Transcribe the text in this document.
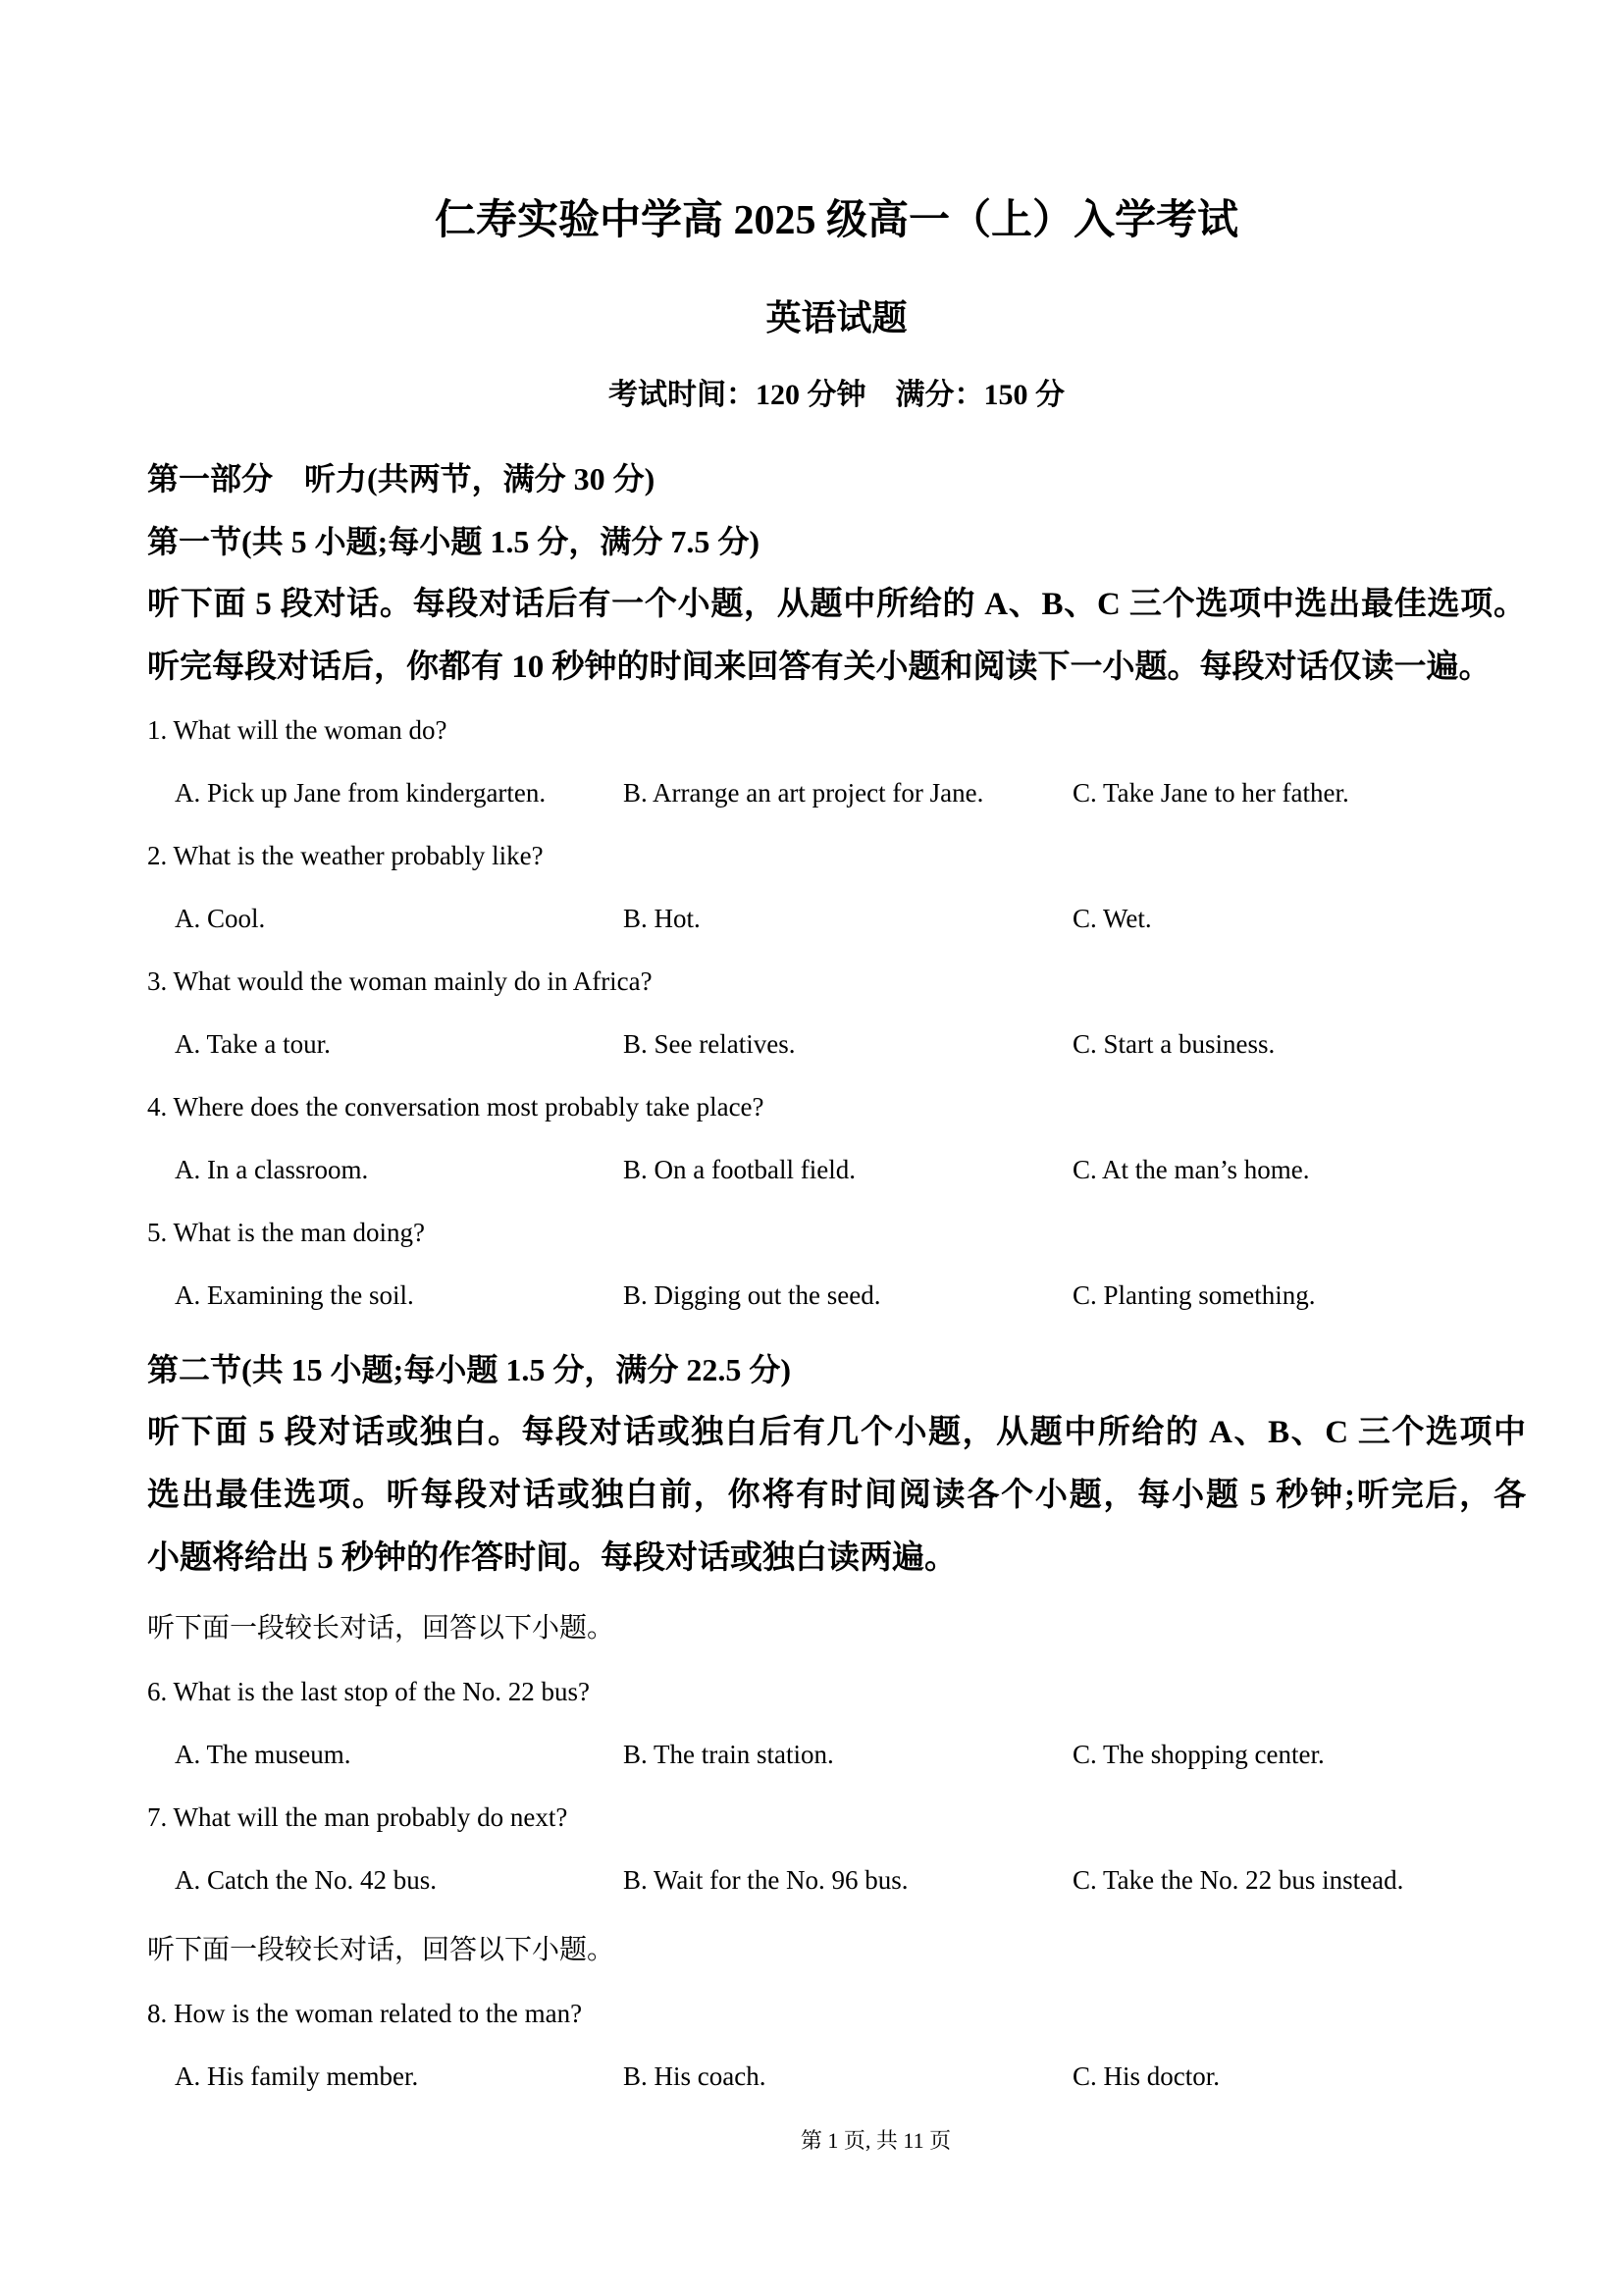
仁寿实验中学高 2025 级高一（上）入学考试
英语试题
考试时间：120 分钟　满分：150 分
第一部分　听力(共两节，满分 30 分)
第一节(共 5 小题;每小题 1.5 分，满分 7.5 分)
听下面 5 段对话。每段对话后有一个小题，从题中所给的 A、B、C 三个选项中选出最佳选项。
听完每段对话后，你都有 10 秒钟的时间来回答有关小题和阅读下一小题。每段对话仅读一遍。
1. What will the woman do?
A. Pick up Jane from kindergarten.	B. Arrange an art project for Jane.	C. Take Jane to her father.
2. What is the weather probably like?
A. Cool.	B. Hot.	C. Wet.
3. What would the woman mainly do in Africa?
A. Take a tour.	B. See relatives.	C. Start a business.
4. Where does the conversation most probably take place?
A. In a classroom.	B. On a football field.	C. At the man’s home.
5. What is the man doing?
A. Examining the soil.	B. Digging out the seed.	C. Planting something.
第二节(共 15 小题;每小题 1.5 分，满分 22.5 分)
听下面 5 段对话或独白。每段对话或独白后有几个小题，从题中所给的 A、B、C 三个选项中
选出最佳选项。听每段对话或独白前，你将有时间阅读各个小题，每小题 5 秒钟;听完后，各
小题将给出 5 秒钟的作答时间。每段对话或独白读两遍。
听下面一段较长对话，回答以下小题。
6. What is the last stop of the No. 22 bus?
A. The museum.	B. The train station.	C. The shopping center.
7. What will the man probably do next?
A. Catch the No. 42 bus.	B. Wait for the No. 96 bus.	C. Take the No. 22 bus instead.
听下面一段较长对话，回答以下小题。
8. How is the woman related to the man?
A. His family member.	B. His coach.	C. His doctor.
第 1 页, 共 11 页
